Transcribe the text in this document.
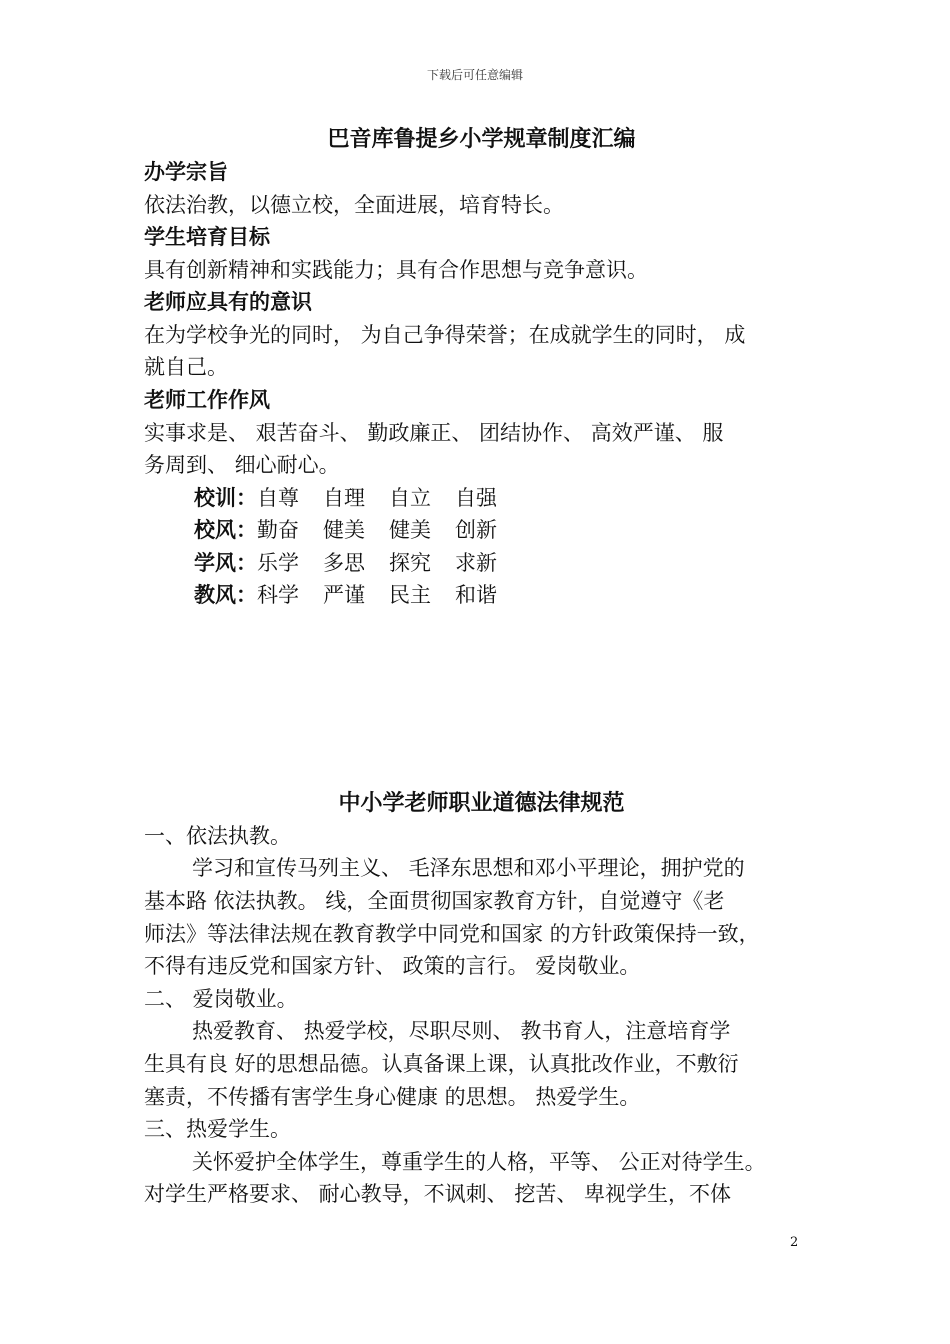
下载后可任意编辑
巴音库鲁提乡小学规章制度汇编
办学宗旨
依法治教，以德立校，全面进展，培育特长。
学生培育目标
具有创新精神和实践能力；具有合作思想与竞争意识。
老师应具有的意识
在为学校争光的同时， 为自己争得荣誉；在成就学生的同时， 成
就自己。
老师工作作风
实事求是、 艰苦奋斗、 勤政廉正、 团结协作、 高效严谨、 服
务周到、 细心耐心。
校训：自尊 自理 自立 自强
校风：勤奋 健美 健美 创新
学风：乐学 多思 探究 求新
教风：科学 严谨 民主 和谐
中小学老师职业道德法律规范
一、依法执教。
学习和宣传马列主义、 毛泽东思想和邓小平理论，拥护党的
基本路 依法执教。 线，全面贯彻国家教育方针，自觉遵守《老
师法》等法律法规在教育教学中同党和国家 的方针政策保持一致，
不得有违反党和国家方针、 政策的言行。 爱岗敬业。
二、 爱岗敬业。
热爱教育、 热爱学校，尽职尽则、 教书育人，注意培育学
生具有良 好的思想品德。认真备课上课，认真批改作业，不敷衍
塞责，不传播有害学生身心健康 的思想。 热爱学生。
三、热爱学生。
关怀爱护全体学生，尊重学生的人格，平等、 公正对待学生。
对学生严格要求、 耐心教导，不讽刺、 挖苦、 卑视学生，不体
2
